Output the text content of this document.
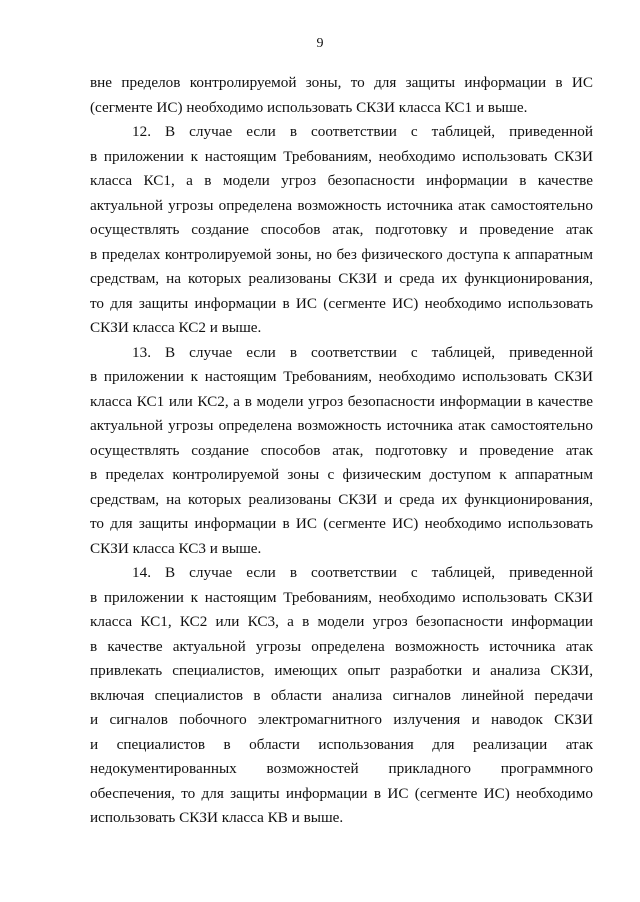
9
вне пределов контролируемой зоны, то для защиты информации в ИС
(сегменте ИС) необходимо использовать СКЗИ класса КС1 и выше.
12. В случае если в соответствии с таблицей, приведенной
в приложении к настоящим Требованиям, необходимо использовать СКЗИ
класса КС1, а в модели угроз безопасности информации в качестве
актуальной угрозы определена возможность источника атак самостоятельно
осуществлять создание способов атак, подготовку и проведение атак
в пределах контролируемой зоны, но без физического доступа к аппаратным
средствам, на которых реализованы СКЗИ и среда их функционирования,
то для защиты информации в ИС (сегменте ИС) необходимо использовать
СКЗИ класса КС2 и выше.
13. В случае если в соответствии с таблицей, приведенной
в приложении к настоящим Требованиям, необходимо использовать СКЗИ
класса КС1 или КС2, а в модели угроз безопасности информации в качестве
актуальной угрозы определена возможность источника атак самостоятельно
осуществлять создание способов атак, подготовку и проведение атак
в пределах контролируемой зоны с физическим доступом к аппаратным
средствам, на которых реализованы СКЗИ и среда их функционирования,
то для защиты информации в ИС (сегменте ИС) необходимо использовать
СКЗИ класса КС3 и выше.
14. В случае если в соответствии с таблицей, приведенной
в приложении к настоящим Требованиям, необходимо использовать СКЗИ
класса КС1, КС2 или КС3, а в модели угроз безопасности информации
в качестве актуальной угрозы определена возможность источника атак
привлекать специалистов, имеющих опыт разработки и анализа СКЗИ,
включая специалистов в области анализа сигналов линейной передачи
и сигналов побочного электромагнитного излучения и наводок СКЗИ
и специалистов в области использования для реализации атак
недокументированных возможностей прикладного программного
обеспечения, то для защиты информации в ИС (сегменте ИС) необходимо
использовать СКЗИ класса КВ и выше.
